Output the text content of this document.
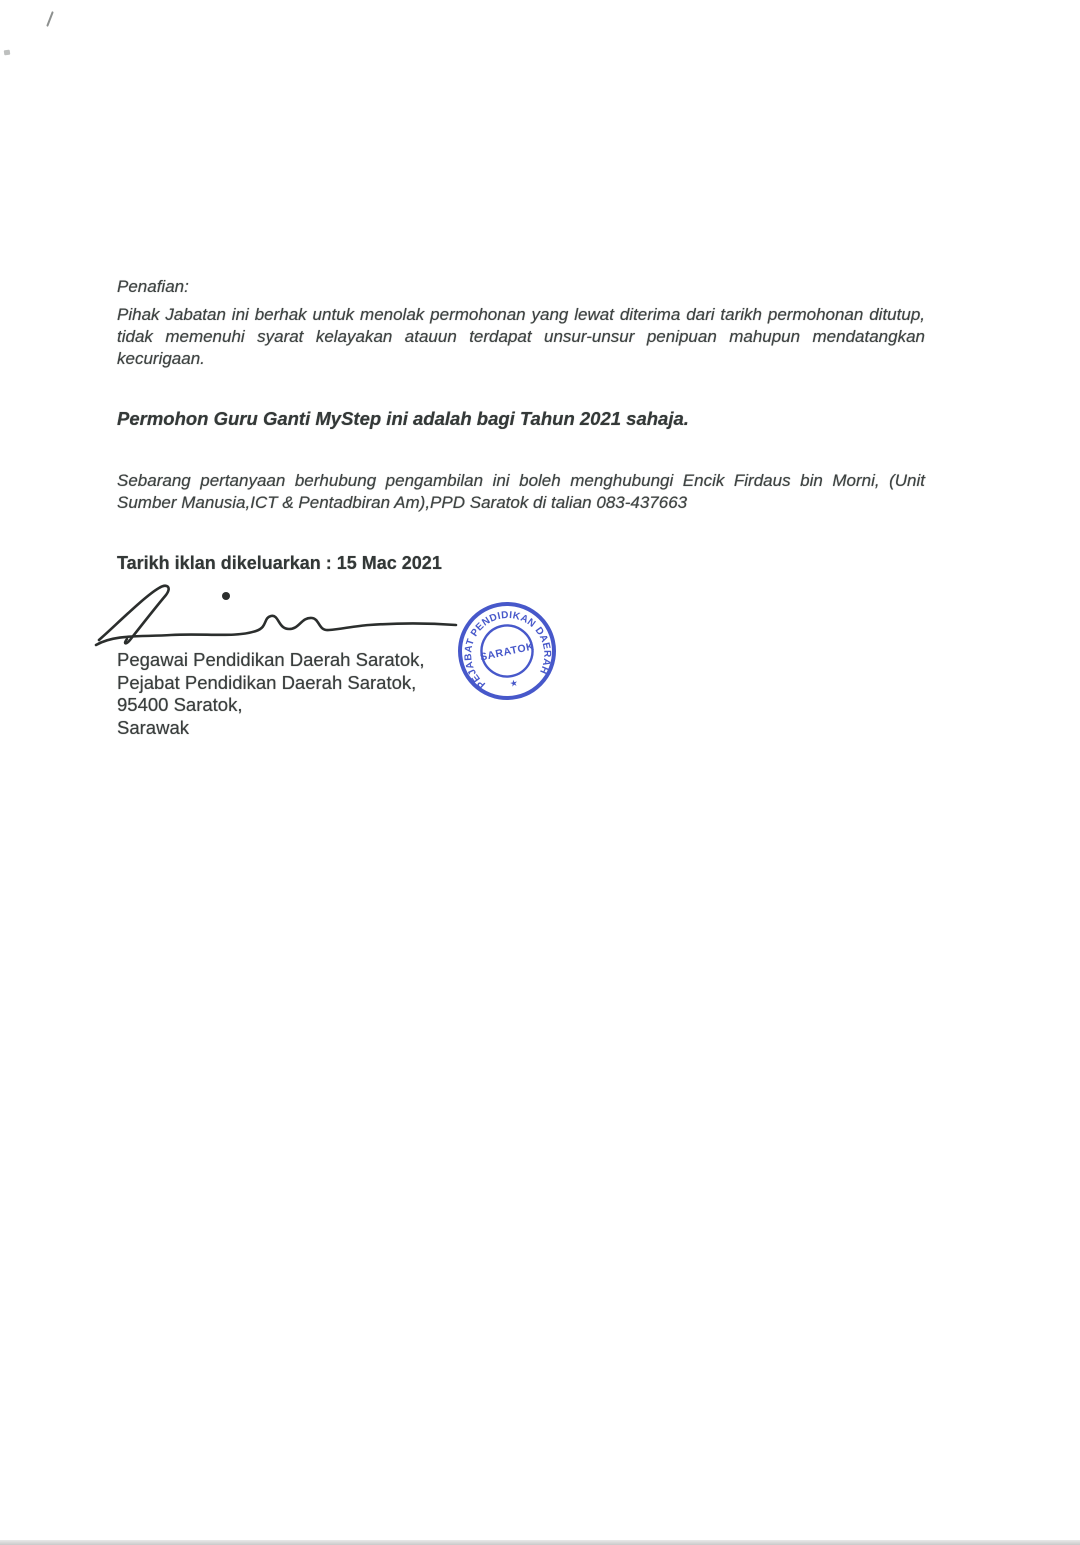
Penafian:
Pihak Jabatan ini berhak untuk menolak permohonan yang lewat diterima dari tarikh permohonan ditutup,
tidak memenuhi syarat kelayakan atauun terdapat unsur-unsur penipuan mahupun mendatangkan
kecurigaan.
Permohon Guru Ganti MyStep ini adalah bagi Tahun 2021 sahaja.
Sebarang pertanyaan berhubung pengambilan ini boleh menghubungi Encik Firdaus bin Morni, (Unit
Sumber Manusia,ICT & Pentadbiran Am),PPD Saratok di talian 083-437663
Tarikh iklan dikeluarkan : 15 Mac 2021
Pegawai Pendidikan Daerah Saratok,
Pejabat Pendidikan Daerah Saratok,
95400 Saratok,
Sarawak
PEJABAT PENDIDIKAN DAERAH
SARATOK
★
